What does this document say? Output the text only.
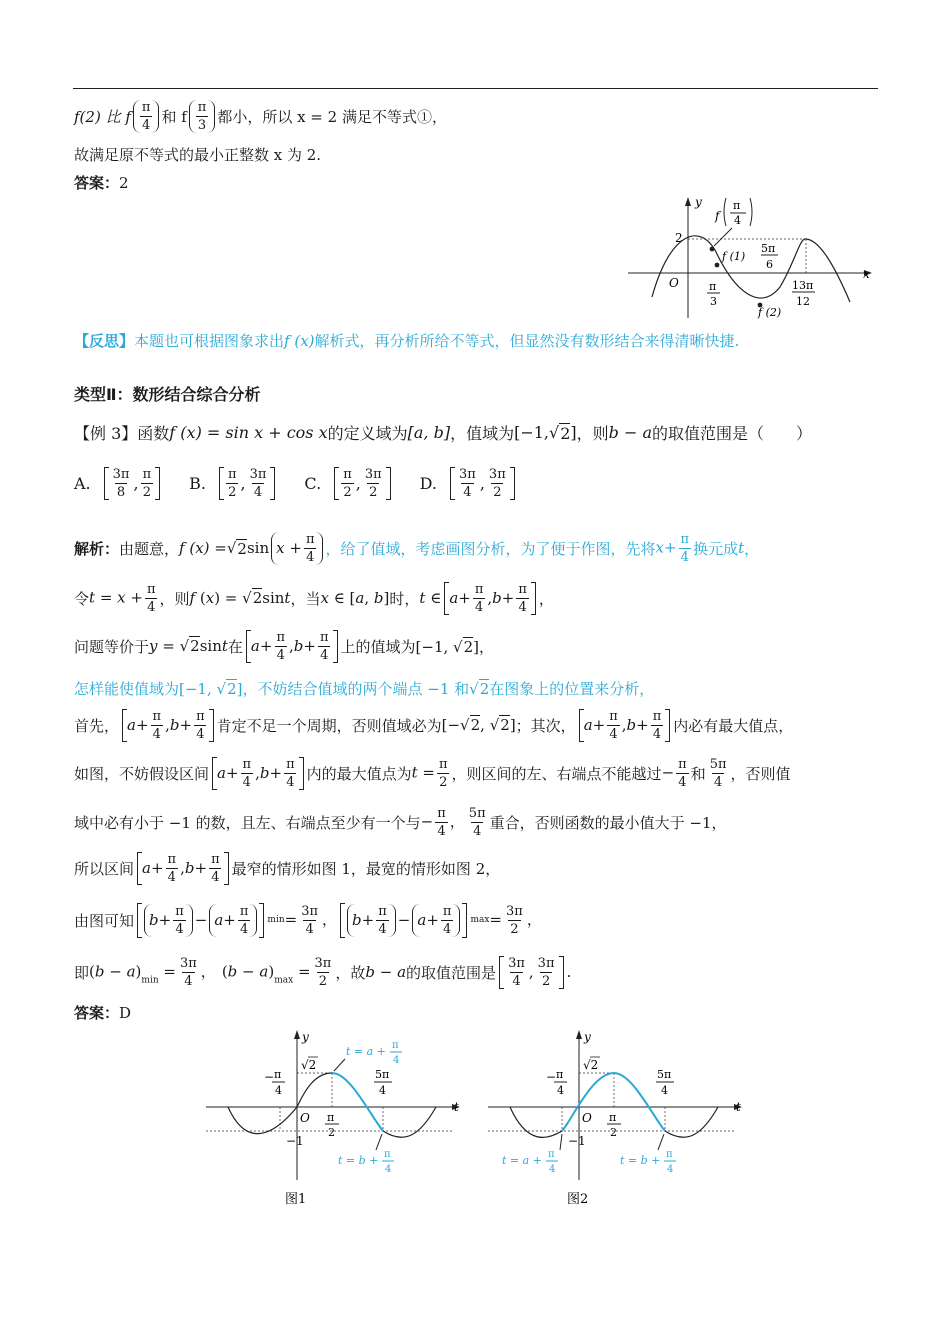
f(2) 比 f $\frac{\pi}{4}$ 和 f $\frac{\pi}{3}$ 都小，所以 x = 2 满足不等式①，
故满足原不等式的最小正整数 x 为 2.
答案： 2
y
x
O
2
f
π
4
f (1)
π
3
5π
6
13π
12
f (2)
【反思】 本题也可根据图象求出 f (x) 解析式，再分析所给不等式，但显然没有数形结合来得清晰快捷.
类型Ⅱ：数形结合综合分析
【例 3】 函数 f (x) = sin x + cos x 的定义域为 [a, b] ，值域为 [−1, √ 2 ] ，则 b − a 的取值范围是（　　）
A. $\frac{3\pi}{8}$ , $\frac{\pi}{2} B$. $\frac{\pi}{2}$ , $\frac{3\pi}{4} C$. $\frac{\pi}{2}$ , $\frac{3\pi}{2} D$. $\frac{3\pi}{4}$ , $\frac{3\pi}{2}$
解析： 由题意， f (x) = √ 2 $\sin x + \frac{\pi}{4}$ ，给了值域，考虑画图分析，为了便于作图，先将 $x+ \frac{\pi}{4}$ 换元成 t ，
令 $t = x + \frac{\pi}{4}$ ，则 f (x) = √2sint ，当 x ∈ [a, b] 时， t ∈ $a + \frac{\pi}{4}$ , $b + \frac{\pi}{4}$ ，
问题等价于 y = √2sint 在 $a + \frac{\pi}{4}$ , $b + \frac{\pi}{4}$ 上的值域为 [−1, √2]，
怎样能使值域为 [−1, √2] ，不妨结合值域的两个端点 −1 和 √2 在图象上的位置来分析，
首先， $a + \frac{\pi}{4}$ , $b + \frac{\pi}{4}$ 肯定不足一个周期，否则值域必为 [−√2, √2] ；其次， $a + \frac{\pi}{4}$ , $b + \frac{\pi}{4}$ 内必有最大值点，
如图，不妨假设区间 $a + \frac{\pi}{4}$ , $b + \frac{\pi}{4}$ 内的最大值点为 $t = \frac{\pi}{2}$ ，则区间的左、右端点不能越过 − $\frac{\pi}{4}$ 和 $\frac{5\pi}{4}$ ，否则值
域中必有小于 −1 的数，且左、右端点至少有一个与 − $\frac{\pi}{4}$ ， $\frac{5\pi}{4}$ 重合，否则函数的最小值大于 −1，
所以区间 $a + \frac{\pi}{4}$ , $b + \frac{\pi}{4}$ 最窄的情形如图 1，最宽的情形如图 2，
由图可知 $b + \frac{\pi}{4} - a + \frac{\pi}{4}$ $\min = \frac{3\pi}{4}$ ， $b + \frac{\pi}{4} - a + \frac{\pi}{4}$ $\max = \frac{3\pi}{2}$ ，
即 $(b - a)_{min} = \frac{3\pi}{4}$ ， $(b - a)_{max} = \frac{3\pi}{2}$ ，故 b − a 的取值范围是 $\frac{3\pi}{4}$ , $\frac{3\pi}{2}$ .
答案： D
y
t
O
√2
−1
− π
4
π
2
5π
4
t = a + π
4
t = b + π
4
图1
y
t
O
√2
−1
− π
4
π
2
5π
4
t = a + π
4
t = b + π
4
图2
